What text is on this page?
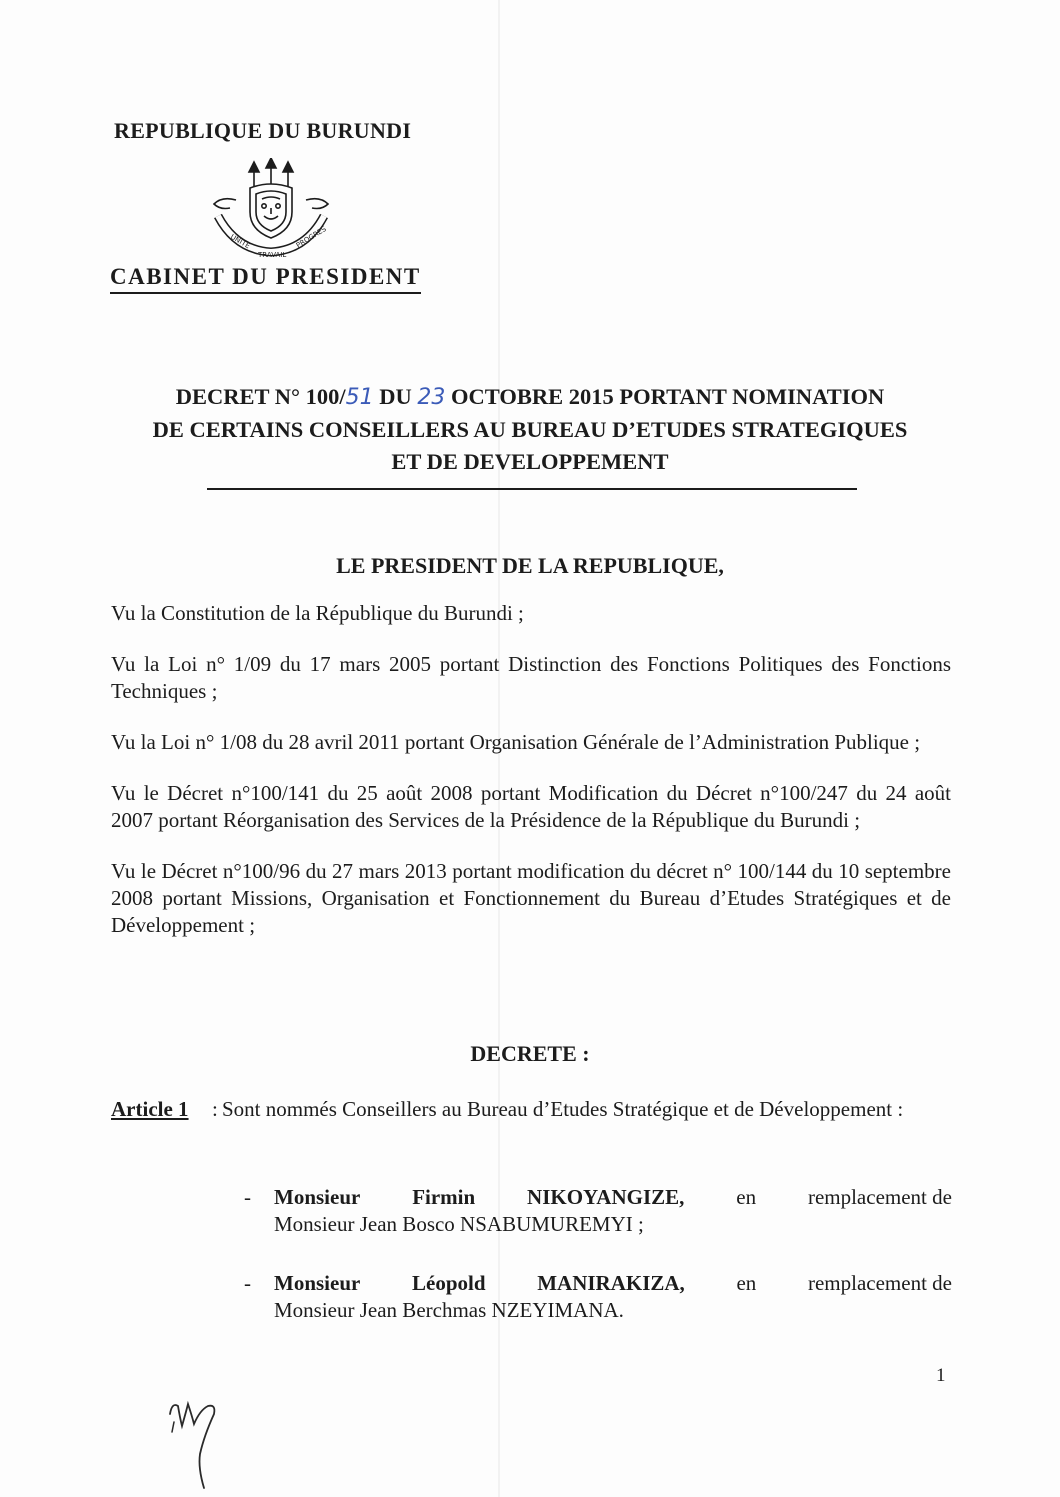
REPUBLIQUE DU BURUNDI
UNITE
TRAVAIL
PROGRES
CABINET DU PRESIDENT
DECRET N° 100/51 DU 23 OCTOBRE 2015 PORTANT NOMINATION
DE CERTAINS CONSEILLERS AU BUREAU D’ETUDES STRATEGIQUES
ET DE DEVELOPPEMENT
LE PRESIDENT DE LA REPUBLIQUE,
Vu la Constitution de la République du Burundi ;
Vu la Loi n° 1/09 du 17 mars 2005 portant Distinction des Fonctions Politiques des Fonctions Techniques ;
Vu la Loi n° 1/08 du 28 avril 2011 portant Organisation Générale de l’Administration Publique ;
Vu le Décret n°100/141 du 25 août 2008 portant Modification du Décret n°100/247 du 24 août 2007 portant Réorganisation des Services de la Présidence de la République du Burundi ;
Vu le Décret n°100/96 du 27 mars 2013 portant modification du décret n° 100/144 du 10 septembre 2008 portant Missions, Organisation et Fonctionnement du Bureau d’Etudes Stratégiques et de Développement ;
DECRETE :
Article 1 : Sont nommés Conseillers au Bureau d’Etudes Stratégique et de Développement :

- Monsieur Firmin NIKOYANGIZE, en remplacement de
Monsieur Jean Bosco NSABUMUREMYI ;
- Monsieur Léopold MANIRAKIZA, en remplacement de
Monsieur Jean Berchmas NZEYIMANA.

1
